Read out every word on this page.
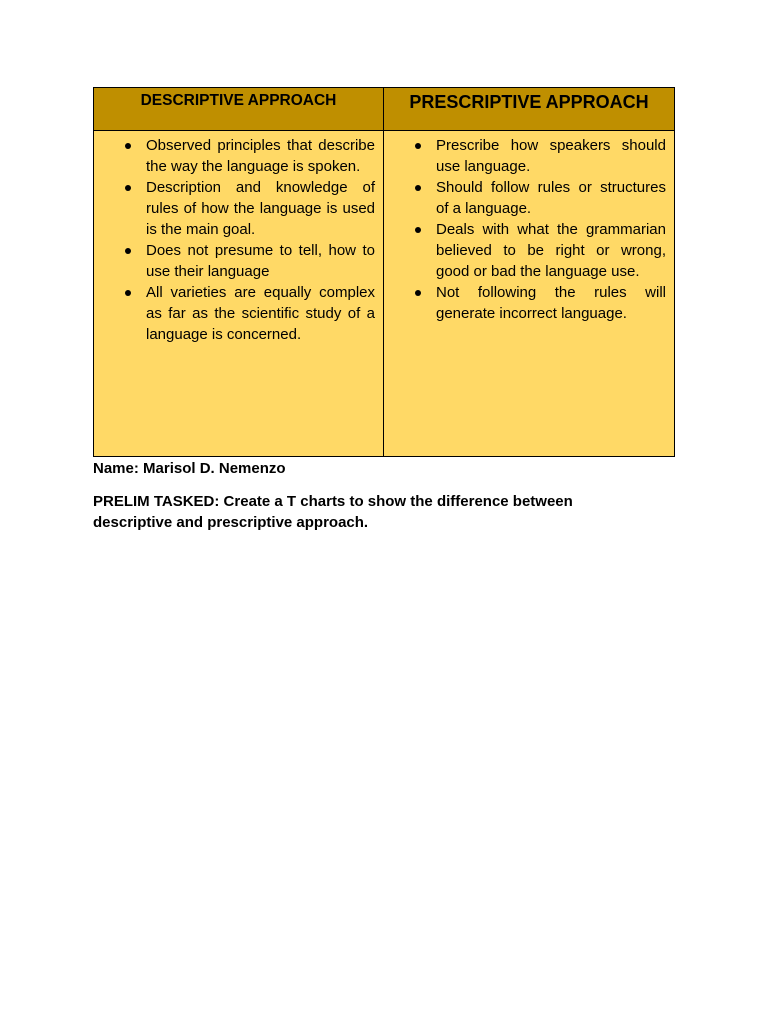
DESCRIPTIVE APPROACH	PRESCRIPTIVE APPROACH
Observed principles that describe the way the language is spoken.
Description and knowledge of rules of how the language is used is the main goal.
Does not presume to tell, how to use their language
All varieties are equally complex as far as the scientific study of a language is concerned.
Prescribe how speakers should use language.
Should follow rules or structures of a language.
Deals with what the grammarian believed to be right or wrong, good or bad the language use.
Not following the rules will generate incorrect language.
Name: Marisol D. Nemenzo
PRELIM TASKED: Create a T charts to show the difference between descriptive and prescriptive approach.
